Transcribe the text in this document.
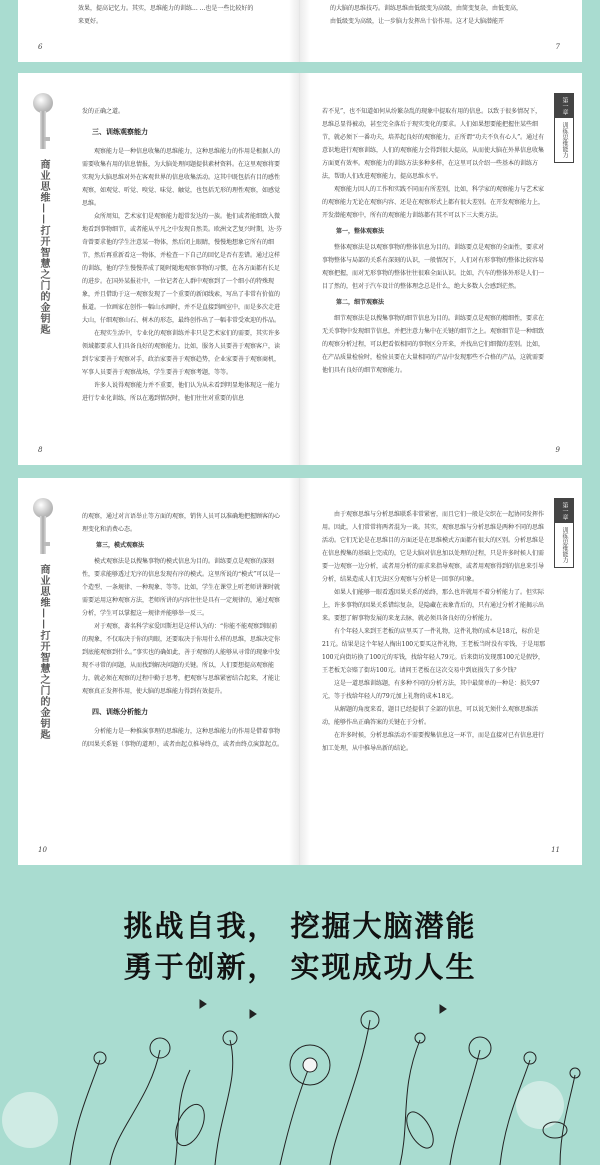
效果，提高记忆力。其实，思维能力的训练... ...也是一些比较好的

来更好。

6

的大脑的思维技巧。训练思维由低级变为高级，由简变复杂，由低变高，

由低级变为高级，让一步脑力发挥出十倍作用。这才是大脑潜能开

7
商业思维——打开智慧之门的金钥匙

发的正确之道。

三、训练观察能力

观察能力是一种信息收集的思维能力，这种思维能力的作用是根据人的需要收集有用的信息情报，为大脑处理问题提供素材资料。在这里观察将要实现为大脑思维对外在客观世界的信息收集活动。这其中既包括有目的感性观察，如观觉、听觉、嗅觉、味觉、触觉，也包括无形的理性观察，如感觉思维。

众所周知，艺术家们是观察能力超常发达的一族。他们或者能细致入微地看到事物细节，或者能从平凡之中发现自然美。欧洲文艺复兴时期，达·芬奇曾要求他的学生注意某一物体，然后闭上眼睛，慢慢地想象它所有的细节，然后再重新看这一物体，并检查一下自己的回忆是否有差错。通过这样的训练，他的学生慢慢养成了随时随地观察事物的习惯，在各方面都有长足的进步。在国外某报社中，一位记者在人群中观察到了一个细小的特殊现象，并且借助于这一观察发现了一个重要的新闻线索，写出了非常有价值的报道。一位画家在创作一幅山水画时，并不是直接到画室中，而是多次走进大山，仔细观察山石、树木的形态，最终创作出了一幅非常受欢迎的作品。

在现实生活中，专业化的观察训练并非只是艺术家们的需要，其实许多领域都要求人们具备良好的观察能力。比如，服务人员要善于观察客户，读到专家要善于观察对手，政治家要善于观察趋势，企业家要善于观察商机，军事人员要善于观察战场，学生要善于观察考题，等等。

许多人说得观察能力并不重要，他们认为从未看到明显地体现这一能力进行专业化训练，所以在遇到情况时，他们往往对重要的信息

8
第一章
训练思维能力

若不见”，也不知道如何从纷繁杂乱的现象中提取有用的信息。以致于很多情况下，思维总显得被动，甚至完全落后于现实变化的要求。人们如果想要能把握住某些细节，就必须下一番功夫，培养起良好的观察能力，正所谓“功夫不负有心人”。通过有意识地进行观察训练，人们的观察能力会得到很大提高，从而使大脑在外界信息收集方面更有效率。观察能力的训练方法多种多样，在这里可以介绍一些基本的训练方法，帮助人们改进观察能力，提高思维水平。

观察能力因人的工作和实践不同而有所差别，比如，科学家的观察能力与艺术家的观察能力无论在观察内容、还是在观察形式上都有很大差别。在开发观察能力上，开发潜能观察中，所有的观察能力训练都有其不可以下三大类方法。

第一，整体观察法

整体观察法是以观察事物的整体信息为目的。训练要点是观察的全面性，要求对事物整体与局部的关系有深刻的认识，一般情况下，人们对有形事物的整体比较容易观察把握，而对无形事物的整体往往很难全面认识。比如，汽车的整体外形是人们一目了然的，但对于汽车设计的整体理念总是什么，绝大多数人会感到茫然。

第二，细节观察法

细节观察法是以搜集事物的细节信息为目的。训练要点是观察的精细性，要求在无关事物中发现细节信息，并把注意力集中在关键的细节之上。观察细节是一种细致的观察分析过程，可以把看似相同的事物区分开来，并找出它们细微的差别。比如，在产品质量检验时，检验员要在大量相同的产品中发现那些不合格的产品，这就需要他们具有良好的细节观察能力。

9
商业思维——打开智慧之门的金钥匙

的观察，通过对言语举止等方面的观察，销售人员可以准确地把握顾客的心理变化和消费心态。

第三，模式观察法

模式观察法是以搜集事物的模式信息为目的。训练要点是观察的深刻性，要求能够透过无序的信息发现有序的模式。这里所说的“模式”可以是一个造型、一条规律、一种现象、等等。比如，学生在课堂上听老师讲课时就需要运用这种观察方法，老师所讲的内容往往是具有一定规律的，通过观察分析，学生可以掌握这一规律并能够举一反三。

对于观察，著名科学家爱因斯坦是这样认为的：“你能不能观察到眼前的现象，不仅取决于你的肉眼，还要取决于你用什么样的思维，思维决定你到底能观察到什么。”事实也的确如此，善于观察的人能够从寻常的现象中发现不寻常的问题，从而找到解决问题的关键。所以，人们要想提高观察能力，就必须在观察的过程中勤于思考，把观察与思维紧密结合起来，才能让观察真正发挥作用，使大脑的思维能力得到有效提升。

四、训练分析能力

分析能力是一种推演事理的思维能力，这种思维能力的作用是借着事物的因果关系链（事物的道理），或者由起点推导终点，或者由终点演算起点。

10
第一章
训练思维能力

由于观察思维与分析思维联系非常紧密，而且它们一般是交织在一起协同发挥作用。因此，人们常常将两者混为一谈。其实，观察思维与分析思维是两种不同的思维活动。它们无论是在思维目的方面还是在思维模式方面都有很大的区别。分析思维是在信息搜集的基础上完成的，它是大脑对信息加以处理的过程，只是许多时候人们需要一边观察一边分析，或者用分析的需求来指导观察，或者用观察得到的信息来引导分析，结果造成人们无法区分观察与分析是一回事的印象。

如果人们能够一眼看透因果关系的始终，那么也许就用不着分析能力了。但实际上，许多事物的因果关系错综复杂，是隐藏在表象背后的，只有通过分析才能揭示出来。要想了解事物发展的来龙去脉，就必须具备良好的分析能力。

有个年轻人来到王老板的店里买了一件礼物，这件礼物的成本是18元，标价是21元。结果是这个年轻人掏出100元要买这件礼物，王老板当时没有零钱，于是用那100元向街坊换了100元的零钱，找给年轻人79元。后来街坊发现那100元是假钞，王老板无奈赔了街坊100元。请问王老板在这次交易中到底损失了多少钱？

这是一道思维训练题，有多种不同的分析方法，其中最简单的一种是：损失97元，等于找给年轻人的79元加上礼物的成本18元。

从解题的角度来看，题目已经提供了全部的信息，可以说无须什么观察思维活动，能够作出正确答案的关键在于分析。

在许多时候，分析思维活动不需要搜集信息这一环节，而是直接对已有信息进行加工处理，从中推导出新的结论。

11
挑战自我， 挖掘大脑潜能
勇于创新， 实现成功人生
